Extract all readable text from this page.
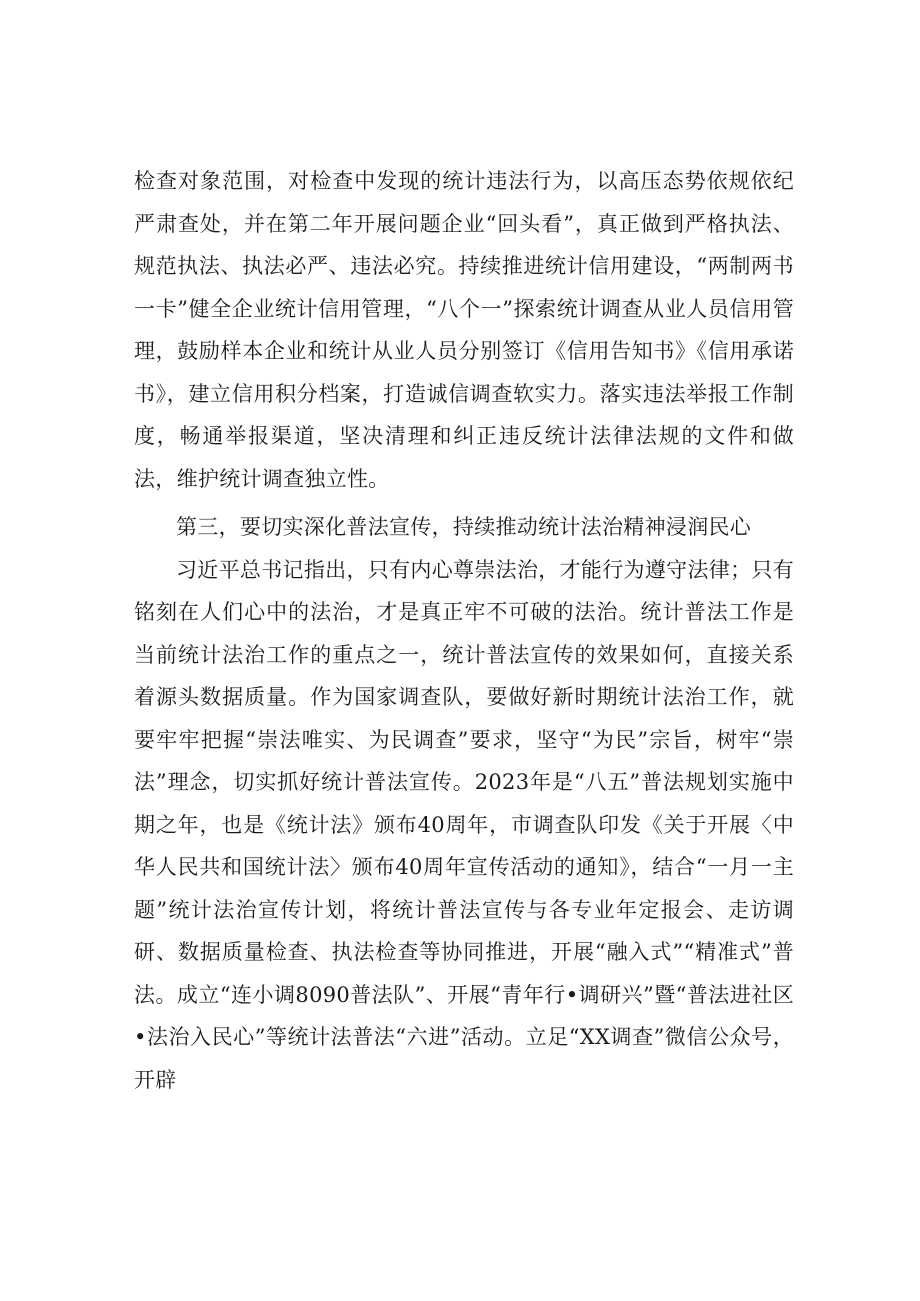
检查对象范围，对检查中发现的统计违法行为，以高压态势依规依纪严肃查处，并在第二年开展问题企业“回头看”，真正做到严格执法、规范执法、执法必严、违法必究。持续推进统计信用建设，“两制两书一卡”健全企业统计信用管理，“八个一”探索统计调查从业人员信用管理，鼓励样本企业和统计从业人员分别签订《信用告知书》《信用承诺书》，建立信用积分档案，打造诚信调查软实力。落实违法举报工作制度，畅通举报渠道，坚决清理和纠正违反统计法律法规的文件和做法，维护统计调查独立性。

第三，要切实深化普法宣传，持续推动统计法治精神浸润民心

习近平总书记指出，只有内心尊崇法治，才能行为遵守法律；只有铭刻在人们心中的法治，才是真正牢不可破的法治。统计普法工作是当前统计法治工作的重点之一，统计普法宣传的效果如何，直接关系着源头数据质量。作为国家调查队，要做好新时期统计法治工作，就要牢牢把握“崇法唯实、为民调查”要求，坚守“为民”宗旨，树牢“崇法”理念，切实抓好统计普法宣传。2023年是“八五”普法规划实施中期之年，也是《统计法》颁布40周年，市调查队印发《关于开展〈中华人民共和国统计法〉颁布40周年宣传活动的通知》，结合“一月一主题”统计法治宣传计划，将统计普法宣传与各专业年定报会、走访调研、数据质量检查、执法检查等协同推进，开展“融入式”“精准式”普法。成立“连小调8090普法队”、开展“青年行•调研兴”暨“普法进社区•法治入民心”等统计法普法“六进”活动。立足“XX调查”微信公众号，开辟
